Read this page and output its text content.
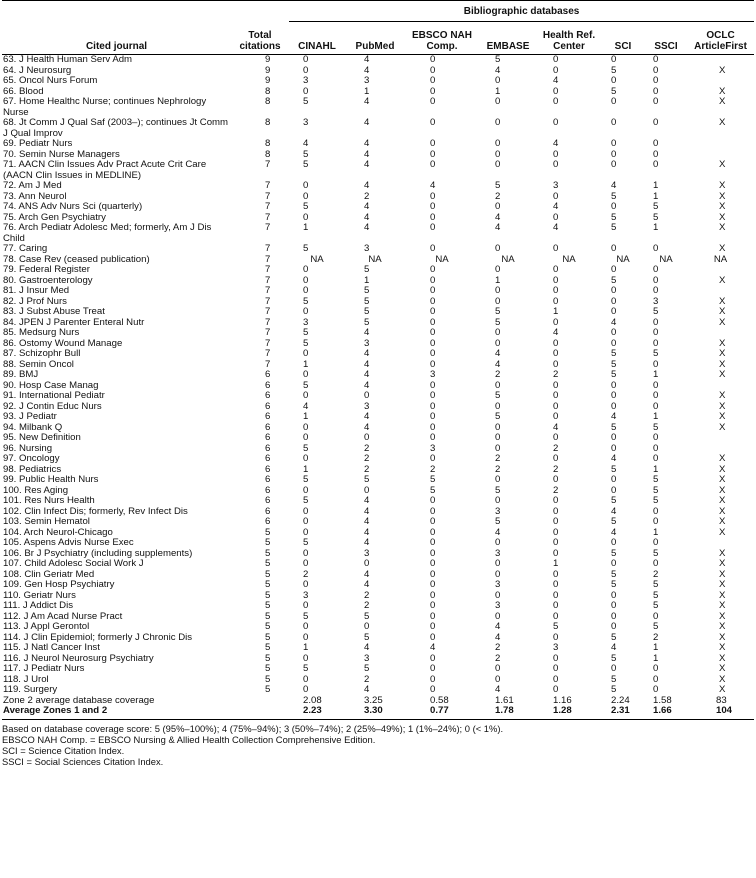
Cited journal	Total citations	Bibliographic databases							
		CINAHL	PubMed	EBSCO NAH Comp.	EMBASE	Health Ref. Center	SCI	SSCI	OCLC ArticleFirst
63. J Health Human Serv Adm	9	0	4	0	5	0	0	0	
64. J Neurosurg	9	0	4	0	4	0	5	0	X
65. Oncol Nurs Forum	9	3	3	0	0	4	0	0	
66. Blood	8	0	1	0	1	0	5	0	X
67. Home Healthc Nurse; continues Nephrology Nurse	8	5	4	0	0	0	0	0	X
68. Jt Comm J Qual Saf (2003–); continues Jt Comm J Qual Improv	8	3	4	0	0	0	0	0	X
69. Pediatr Nurs	8	4	4	0	0	4	0	0	
70. Semin Nurse Managers	8	5	4	0	0	0	0	0	
71. AACN Clin Issues Adv Pract Acute Crit Care (AACN Clin Issues in MEDLINE)	7	5	4	0	0	0	0	0	X
72. Am J Med	7	0	4	4	5	3	4	1	X
73. Ann Neurol	7	0	2	0	2	0	5	1	X
74. ANS Adv Nurs Sci (quarterly)	7	5	4	0	0	4	0	5	X
75. Arch Gen Psychiatry	7	0	4	0	4	0	5	5	X
76. Arch Pediatr Adolesc Med; formerly, Am J Dis Child	7	1	4	0	4	4	5	1	X
77. Caring	7	5	3	0	0	0	0	0	X
78. Case Rev (ceased publication)	7	NA	NA	NA	NA	NA	NA	NA	NA
79. Federal Register	7	0	5	0	0	0	0	0	
80. Gastroenterology	7	0	1	0	1	0	5	0	X
81. J Insur Med	7	0	5	0	0	0	0	0	
82. J Prof Nurs	7	5	5	0	0	0	0	3	X
83. J Subst Abuse Treat	7	0	5	0	5	1	0	5	X
84. JPEN J Parenter Enteral Nutr	7	3	5	0	5	0	4	0	X
85. Medsurg Nurs	7	5	4	0	0	4	0	0	
86. Ostomy Wound Manage	7	5	3	0	0	0	0	0	X
87. Schizophr Bull	7	0	4	0	4	0	5	5	X
88. Semin Oncol	7	1	4	0	4	0	5	0	X
89. BMJ	6	0	4	3	2	2	5	1	X
90. Hosp Case Manag	6	5	4	0	0	0	0	0	
91. International Pediatr	6	0	0	0	5	0	0	0	X
92. J Contin Educ Nurs	6	4	3	0	0	0	0	0	X
93. J Pediatr	6	1	4	0	5	0	4	1	X
94. Milbank Q	6	0	4	0	0	4	5	5	X
95. New Definition	6	0	0	0	0	0	0	0	
96. Nursing	6	5	2	3	0	2	0	0	
97. Oncology	6	0	2	0	2	0	4	0	X
98. Pediatrics	6	1	2	2	2	2	5	1	X
99. Public Health Nurs	6	5	5	5	0	0	0	5	X
100. Res Aging	6	0	0	5	5	2	0	5	X
101. Res Nurs Health	6	5	4	0	0	0	5	5	X
102. Clin Infect Dis; formerly, Rev Infect Dis	6	0	4	0	3	0	4	0	X
103. Semin Hematol	6	0	4	0	5	0	5	0	X
104. Arch Neurol-Chicago	5	0	4	0	4	0	4	1	X
105. Aspens Advis Nurse Exec	5	5	4	0	0	0	0	0	
106. Br J Psychiatry (including supplements)	5	0	3	0	3	0	5	5	X
107. Child Adolesc Social Work J	5	0	0	0	0	1	0	0	X
108. Clin Geriatr Med	5	2	4	0	0	0	5	2	X
109. Gen Hosp Psychiatry	5	0	4	0	3	0	5	5	X
110. Geriatr Nurs	5	3	2	0	0	0	0	5	X
111. J Addict Dis	5	0	2	0	3	0	0	5	X
112. J Am Acad Nurse Pract	5	5	5	0	0	0	0	0	X
113. J Appl Gerontol	5	0	0	0	4	5	0	5	X
114. J Clin Epidemiol; formerly J Chronic Dis	5	0	5	0	4	0	5	2	X
115. J Natl Cancer Inst	5	1	4	4	2	3	4	1	X
116. J Neurol Neurosurg Psychiatry	5	0	3	0	2	0	5	1	X
117. J Pediatr Nurs	5	5	5	0	0	0	0	0	X
118. J Urol	5	0	2	0	0	0	5	0	X
119. Surgery	5	0	4	0	4	0	5	0	X
Zone 2 average database coverage		2.08	3.25	0.58	1.61	1.16	2.24	1.58	83
Average Zones 1 and 2		2.23	3.30	0.77	1.78	1.28	2.31	1.66	104
Based on database coverage score: 5 (95%–100%); 4 (75%–94%); 3 (50%–74%); 2 (25%–49%); 1 (1%–24%); 0 (< 1%).
EBSCO NAH Comp. = EBSCO Nursing & Allied Health Collection Comprehensive Edition.
SCI = Science Citation Index.
SSCI = Social Sciences Citation Index.
